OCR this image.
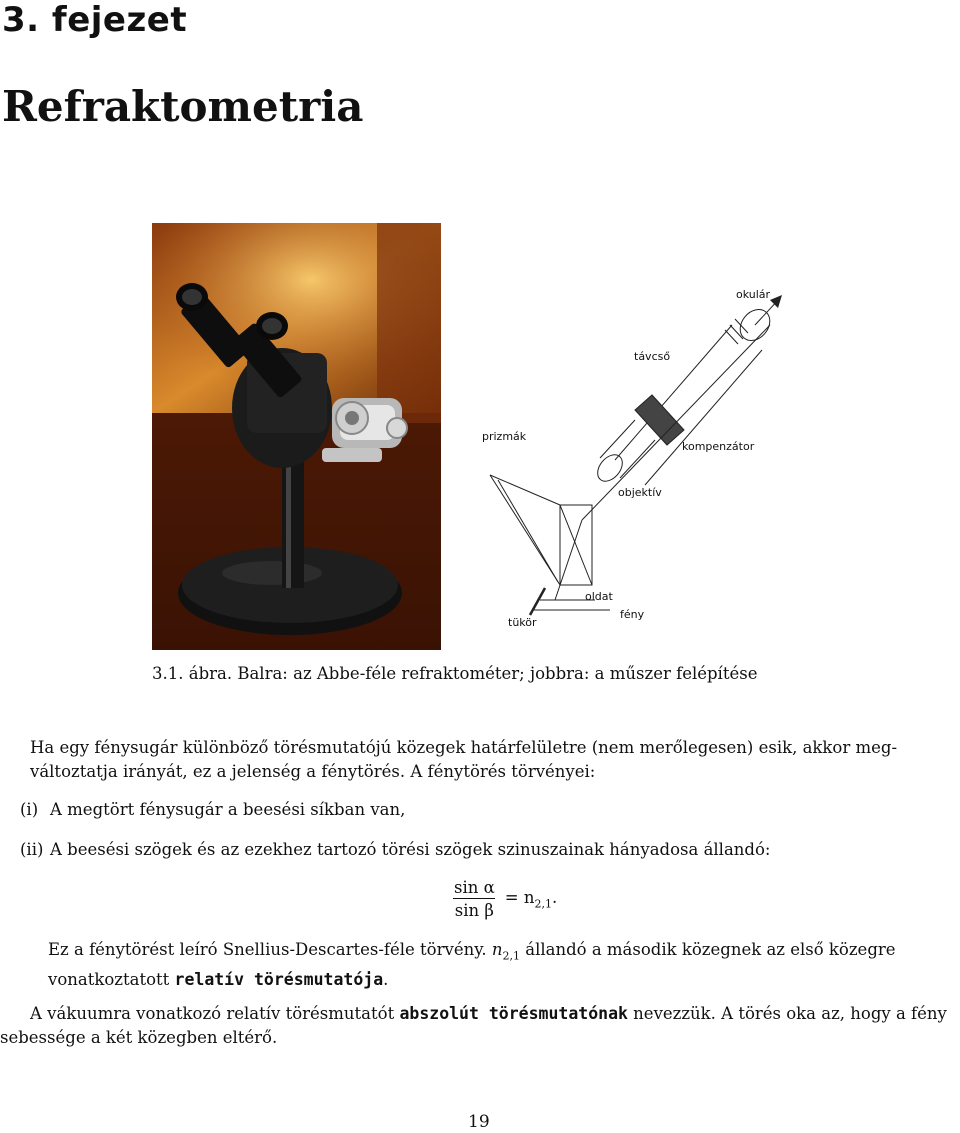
3. fejezet
Refraktometria
okulár
távcső
prizmák
kompenzátor
objektív
oldat
fény
tükör
3.1. ábra. Balra: az Abbe-féle refraktométer; jobbra: a műszer felépítése

Ha egy fénysugár különböző törésmutatójú közegek határfelületre (nem merőlegesen) esik, akkor meg-
változtatja irányát, ez a jelenség a fénytörés. A fénytörés törvényei:

(i) A megtört fénysugár a beesési síkban van,
(ii) A beesési szögek és az ezekhez tartozó törési szögek szinuszainak hányadosa állandó:
$\frac{\text{sin α}}{\text{sin β}} = n_{2,1}$.

Ez a fénytörést leíró Snellius-Descartes-féle törvény. $n_{2,1}$ állandó a második közegnek az első közegre vonatkoztatott relatív törésmutatója.

A vákuumra vonatkozó relatív törésmutatót abszolút törésmutatónak nevezzük. A törés oka az, hogy a fény sebessége a két közegben eltérő.

19
